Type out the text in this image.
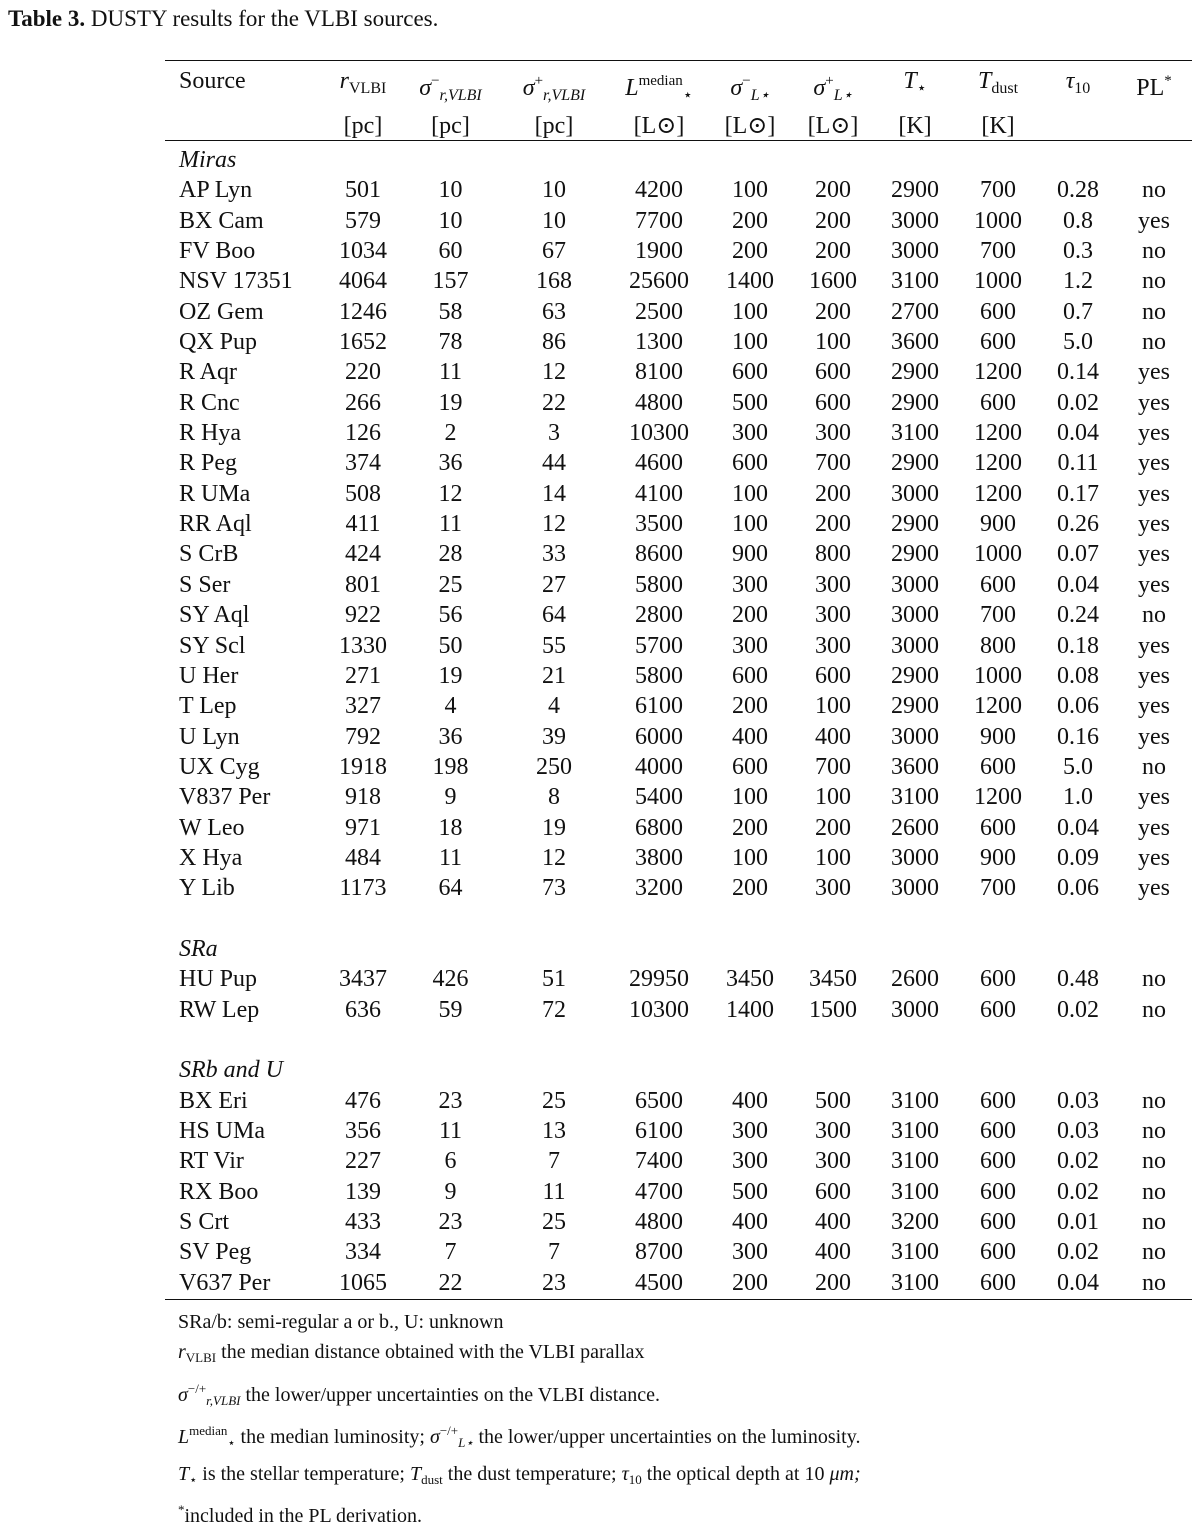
Table 3. DUSTY results for the VLBI sources.
Source	$r_{VLBI}$	$\sigma^-_{r,VLBI}$	$\sigma^+_{r,VLBI}$	$L^{median}_⋆$	$\sigma^-_{L⋆}$	$\sigma^+_{L⋆}$	$T_⋆$	$T_{dust}$	$\tau_{10}$	PL*
	[pc]	[pc]	[pc]	[L⊙]	[L⊙]	[L⊙]	[K]	[K]		
Miras										
AP Lyn	501	10	10	4200	100	200	2900	700	0.28	no
BX Cam	579	10	10	7700	200	200	3000	1000	0.8	yes
FV Boo	1034	60	67	1900	200	200	3000	700	0.3	no
NSV 17351	4064	157	168	25600	1400	1600	3100	1000	1.2	no
OZ Gem	1246	58	63	2500	100	200	2700	600	0.7	no
QX Pup	1652	78	86	1300	100	100	3600	600	5.0	no
R Aqr	220	11	12	8100	600	600	2900	1200	0.14	yes
R Cnc	266	19	22	4800	500	600	2900	600	0.02	yes
R Hya	126	2	3	10300	300	300	3100	1200	0.04	yes
R Peg	374	36	44	4600	600	700	2900	1200	0.11	yes
R UMa	508	12	14	4100	100	200	3000	1200	0.17	yes
RR Aql	411	11	12	3500	100	200	2900	900	0.26	yes
S CrB	424	28	33	8600	900	800	2900	1000	0.07	yes
S Ser	801	25	27	5800	300	300	3000	600	0.04	yes
SY Aql	922	56	64	2800	200	300	3000	700	0.24	no
SY Scl	1330	50	55	5700	300	300	3000	800	0.18	yes
U Her	271	19	21	5800	600	600	2900	1000	0.08	yes
T Lep	327	4	4	6100	200	100	2900	1200	0.06	yes
U Lyn	792	36	39	6000	400	400	3000	900	0.16	yes
UX Cyg	1918	198	250	4000	600	700	3600	600	5.0	no
V837 Per	918	9	8	5400	100	100	3100	1200	1.0	yes
W Leo	971	18	19	6800	200	200	2600	600	0.04	yes
X Hya	484	11	12	3800	100	100	3000	900	0.09	yes
Y Lib	1173	64	73	3200	200	300	3000	700	0.06	yes

SRa										
HU Pup	3437	426	51	29950	3450	3450	2600	600	0.48	no
RW Lep	636	59	72	10300	1400	1500	3000	600	0.02	no

SRb and U										
BX Eri	476	23	25	6500	400	500	3100	600	0.03	no
HS UMa	356	11	13	6100	300	300	3100	600	0.03	no
RT Vir	227	6	7	7400	300	300	3100	600	0.02	no
RX Boo	139	9	11	4700	500	600	3100	600	0.02	no
S Crt	433	23	25	4800	400	400	3200	600	0.01	no
SV Peg	334	7	7	8700	300	400	3100	600	0.02	no
V637 Per	1065	22	23	4500	200	200	3100	600	0.04	no
SRa/b: semi-regular a or b., U: unknown
$r_{VLBI}$ the median distance obtained with the VLBI parallax
$\sigma^{-/+}_{r,VLBI}$ the lower/upper uncertainties on the VLBI distance.
$L^{median}_⋆$ the median luminosity; $\sigma^{-/+}_{L⋆}$ the lower/upper uncertainties on the luminosity.
$T_⋆$ is the stellar temperature; $T_{dust}$ the dust temperature; $\tau_{10}$ the optical depth at 10 μm;
*included in the PL derivation.
